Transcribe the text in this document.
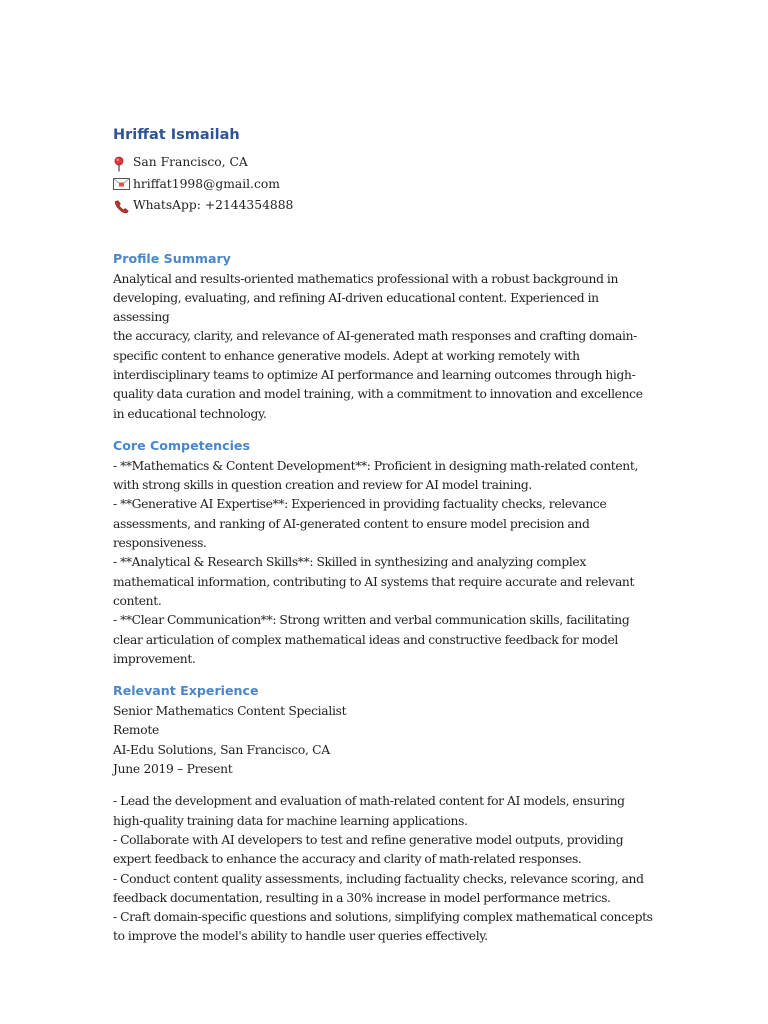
Hriffat Ismailah
San Francisco, CA
hriffat1998@gmail.com
WhatsApp: +2144354888
Profile Summary

Analytical and results-oriented mathematics professional with a robust background in

developing, evaluating, and refining AI-driven educational content. Experienced in assessing

the accuracy, clarity, and relevance of AI-generated math responses and crafting domain-

specific content to enhance generative models. Adept at working remotely with

interdisciplinary teams to optimize AI performance and learning outcomes through high-

quality data curation and model training, with a commitment to innovation and excellence

in educational technology.

Core Competencies

- **Mathematics & Content Development**: Proficient in designing math-related content,

with strong skills in question creation and review for AI model training.

- **Generative AI Expertise**: Experienced in providing factuality checks, relevance

assessments, and ranking of AI-generated content to ensure model precision and

responsiveness.

- **Analytical & Research Skills**: Skilled in synthesizing and analyzing complex

mathematical information, contributing to AI systems that require accurate and relevant

content.

- **Clear Communication**: Strong written and verbal communication skills, facilitating

clear articulation of complex mathematical ideas and constructive feedback for model

improvement.

Relevant Experience
Senior Mathematics Content Specialist
Remote
AI-Edu Solutions, San Francisco, CA
June 2019 – Present

- Lead the development and evaluation of math-related content for AI models, ensuring

high-quality training data for machine learning applications.

- Collaborate with AI developers to test and refine generative model outputs, providing

expert feedback to enhance the accuracy and clarity of math-related responses.

- Conduct content quality assessments, including factuality checks, relevance scoring, and

feedback documentation, resulting in a 30% increase in model performance metrics.

- Craft domain-specific questions and solutions, simplifying complex mathematical concepts

to improve the model's ability to handle user queries effectively.
